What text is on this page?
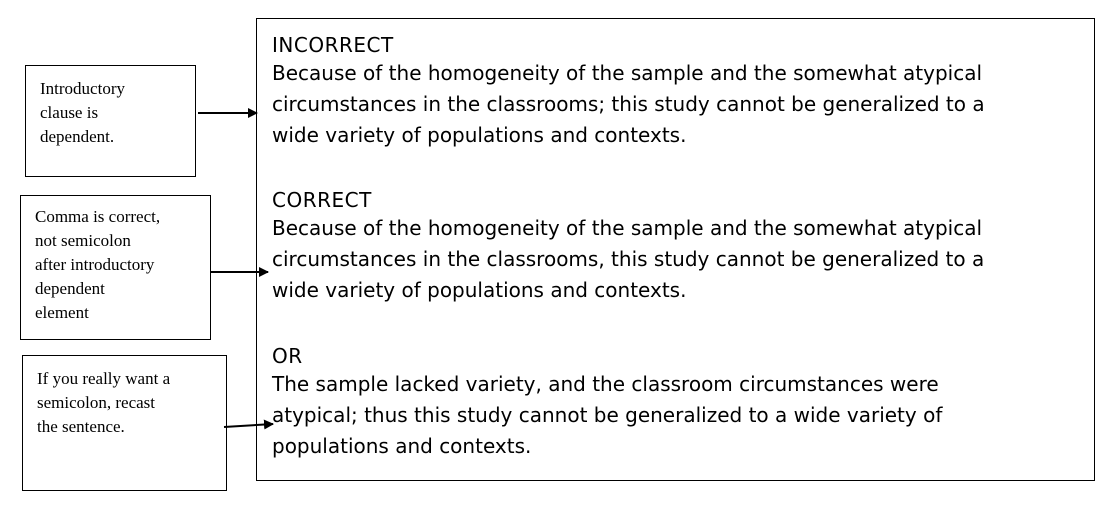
Introductory
clause is
dependent.
Comma is correct,
not semicolon
after introductory
dependent
element
If you really want a
semicolon, recast
the sentence.
INCORRECT
Because of the homogeneity of the sample and the somewhat atypical
circumstances in the classrooms; this study cannot be generalized to a
wide variety of populations and contexts.
CORRECT
Because of the homogeneity of the sample and the somewhat atypical
circumstances in the classrooms, this study cannot be generalized to a
wide variety of populations and contexts.
OR
The sample lacked variety, and the classroom circumstances were
atypical; thus this study cannot be generalized to a wide variety of
populations and contexts.
